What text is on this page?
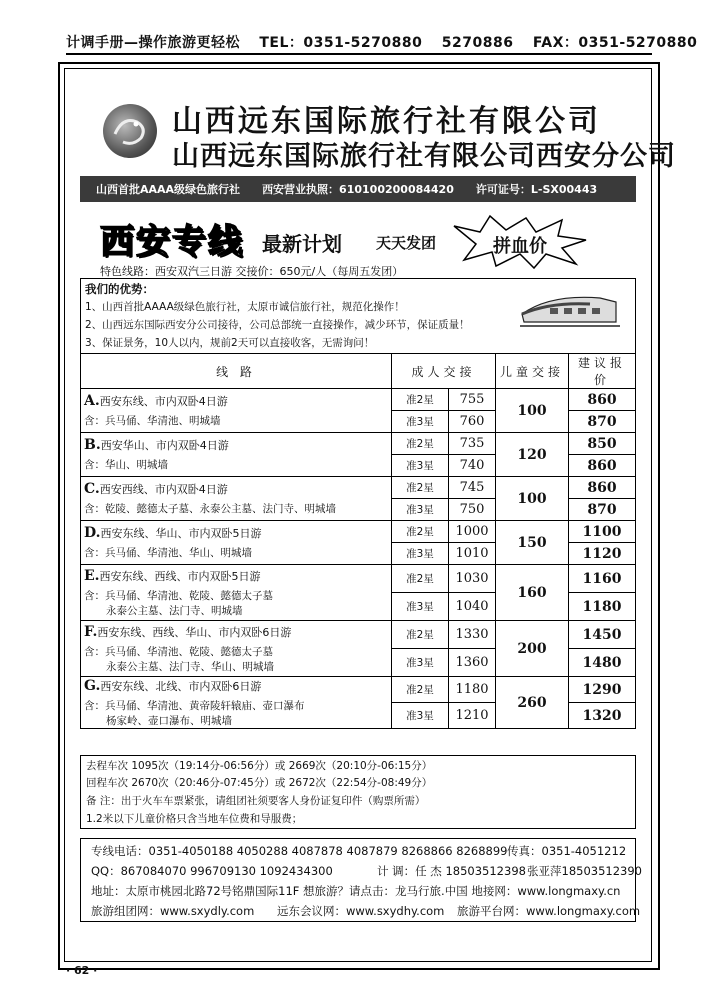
计调手册—操作旅游更轻松 TEL：0351-5270880 5270886 FAX：0351-5270880
山西远东国际旅行社有限公司
山西远东国际旅行社有限公司西安分公司
山西首批AAAA级绿色旅行社 西安营业执照：610100200084420 许可证号：L-SX00443
西安专线 最新计划 天天发团	拼血价
特色线路：西安双汽三日游 交接价：650元/人（每周五发团）
我们的优势：
1、山西首批AAAA级绿色旅行社，太原市诚信旅行社，规范化操作！
2、山西远东国际西安分公司接待，公司总部统一直接操作，减少环节，保证质量！
3、保证景务，10人以内，规前2天可以直接收客，无需询问！
线 路	成人交接		儿童交接	建议报价
A.西安东线、市内双卧4日游
含：兵马俑、华清池、明城墙	准2星	755	100	860
	准3星	760		870
B.西安华山、市内双卧4日游
含：华山、明城墙	准2星	735	120	850
	准3星	740		860
C.西安西线、市内双卧4日游
含：乾陵、懿德太子墓、永泰公主墓、法门寺、明城墙	准2星	745	100	860
	准3星	750		870
D.西安东线、华山、市内双卧5日游
含：兵马俑、华清池、华山、明城墙	准2星	1000	150	1100
	准3星	1010		1120
E.西安东线、西线、市内双卧5日游
含：兵马俑、华清池、乾陵、懿德太子墓
永泰公主墓、法门寺、明城墙	准2星	1030	160	1160
	准3星	1040		1180
F.西安东线、西线、华山、市内双卧6日游
含：兵马俑、华清池、乾陵、懿德太子墓
永泰公主墓、法门寺、华山、明城墙	准2星	1330	200	1450
	准3星	1360		1480
G.西安东线、北线、市内双卧6日游
含：兵马俑、华清池、黄帝陵轩辕庙、壶口瀑布
杨家岭、壶口瀑布、明城墙	准2星	1180	260	1290
	准3星	1210		1320
去程车次 1095次（19:14分-06:56分）或 2669次（20:10分-06:15分）
回程车次 2670次（20:46分-07:45分）或 2672次（22:54分-08:49分）
备 注：出于火车车票紧张，请组团社须要客人身份证复印件（购票所需）
1.2米以下儿童价格只含当地车位费和导服费；
专线电话：0351-4050188 4050288 4087878 4087879 8268866 8268899 传真：0351-4051212
QQ：867084070 996709130 1092434300	计 调：任 杰 18503512398 张亚萍18503512390
地址：太原市桃园北路72号铭鼎国际11F 想旅游？请点击：龙马行旅.中国 地接网：www.longmaxy.cn
旅游组团网：www.sxydly.com 远东会议网：www.sxydhy.com 旅游平台网：www.longmaxy.com
· 62 ·
